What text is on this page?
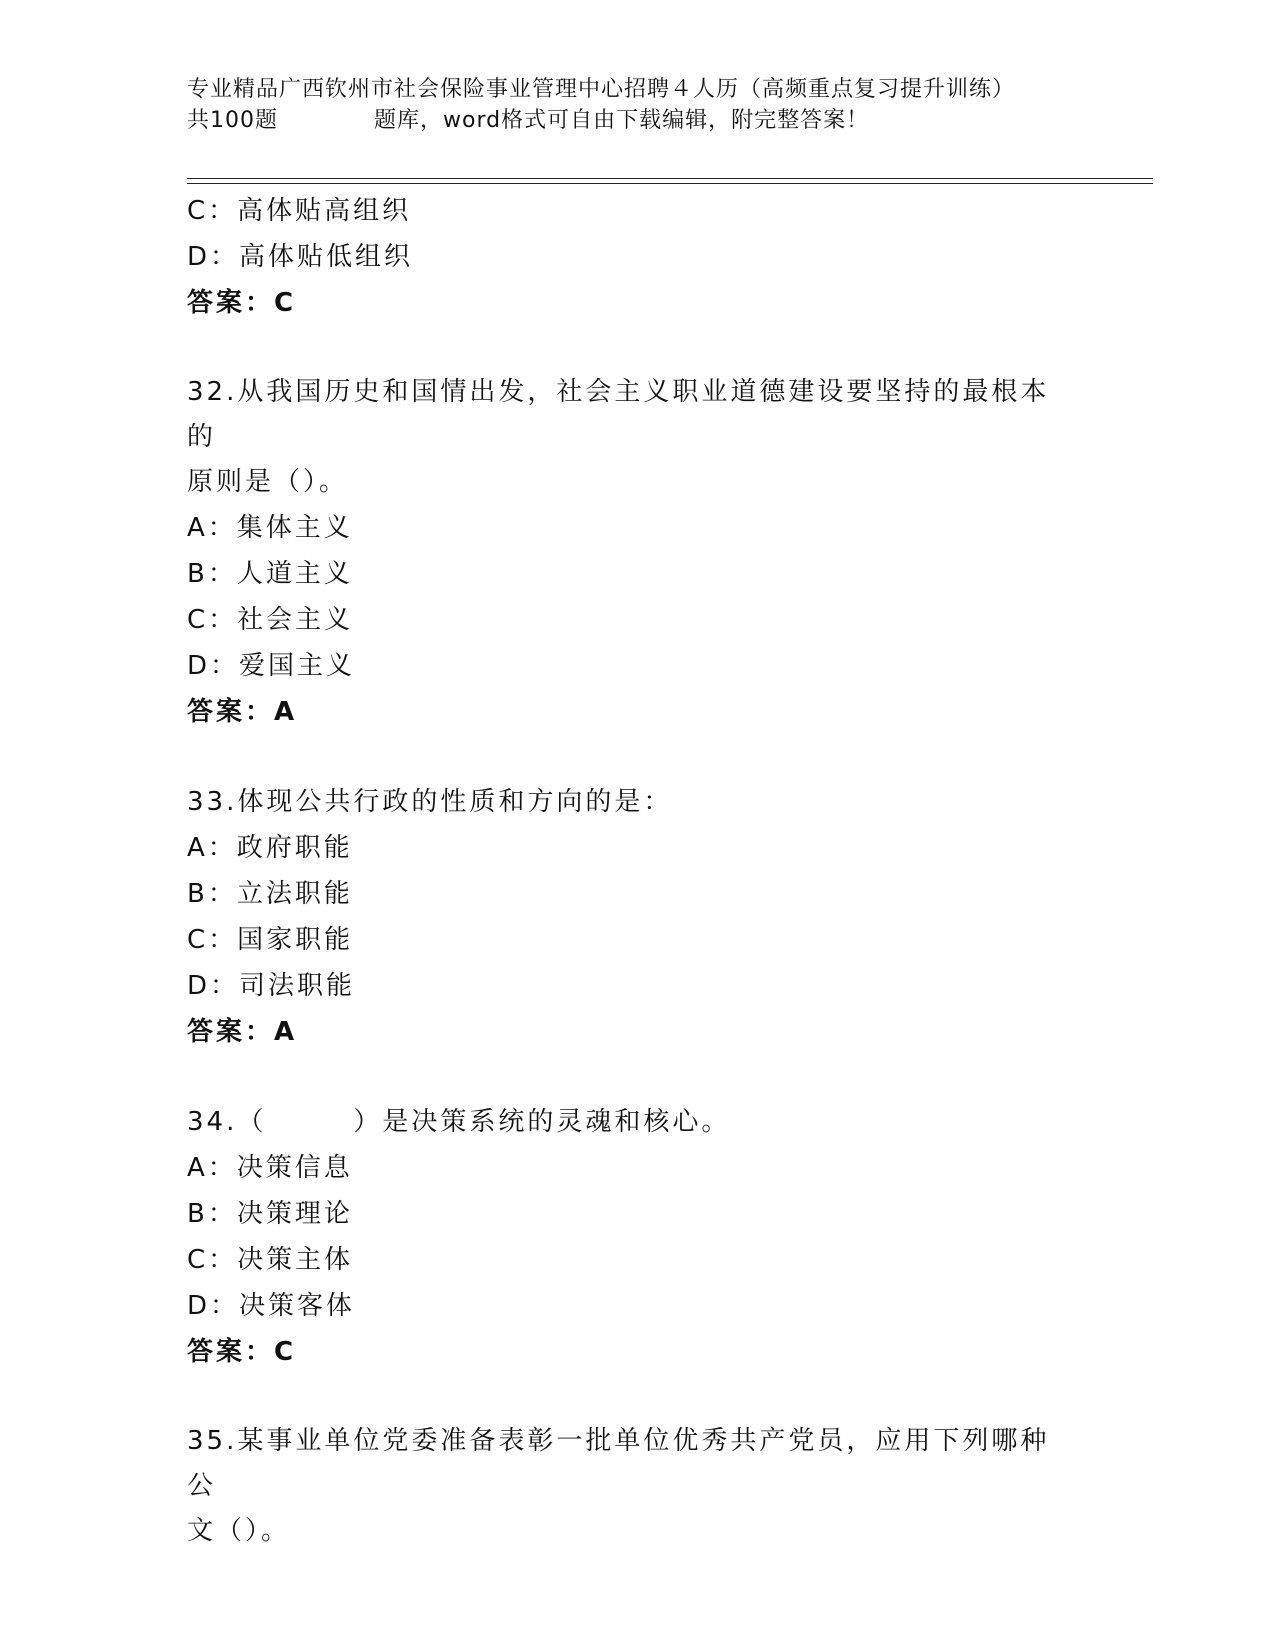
专业精品广西钦州市社会保险事业管理中心招聘４人历（高频重点复习提升训练）
共100题	题库，word格式可自由下载编辑，附完整答案！
C：高体贴高组织
D：高体贴低组织
答案：C
32.从我国历史和国情出发，社会主义职业道德建设要坚持的最根本的
原则是（）。
A：集体主义
B：人道主义
C：社会主义
D：爱国主义
答案：A
33.体现公共行政的性质和方向的是：
A：政府职能
B：立法职能
C：国家职能
D：司法职能
答案：A
34.（　　　）是决策系统的灵魂和核心。
A：决策信息
B：决策理论
C：决策主体
D：决策客体
答案：C
35.某事业单位党委准备表彰一批单位优秀共产党员，应用下列哪种公
文（）。
